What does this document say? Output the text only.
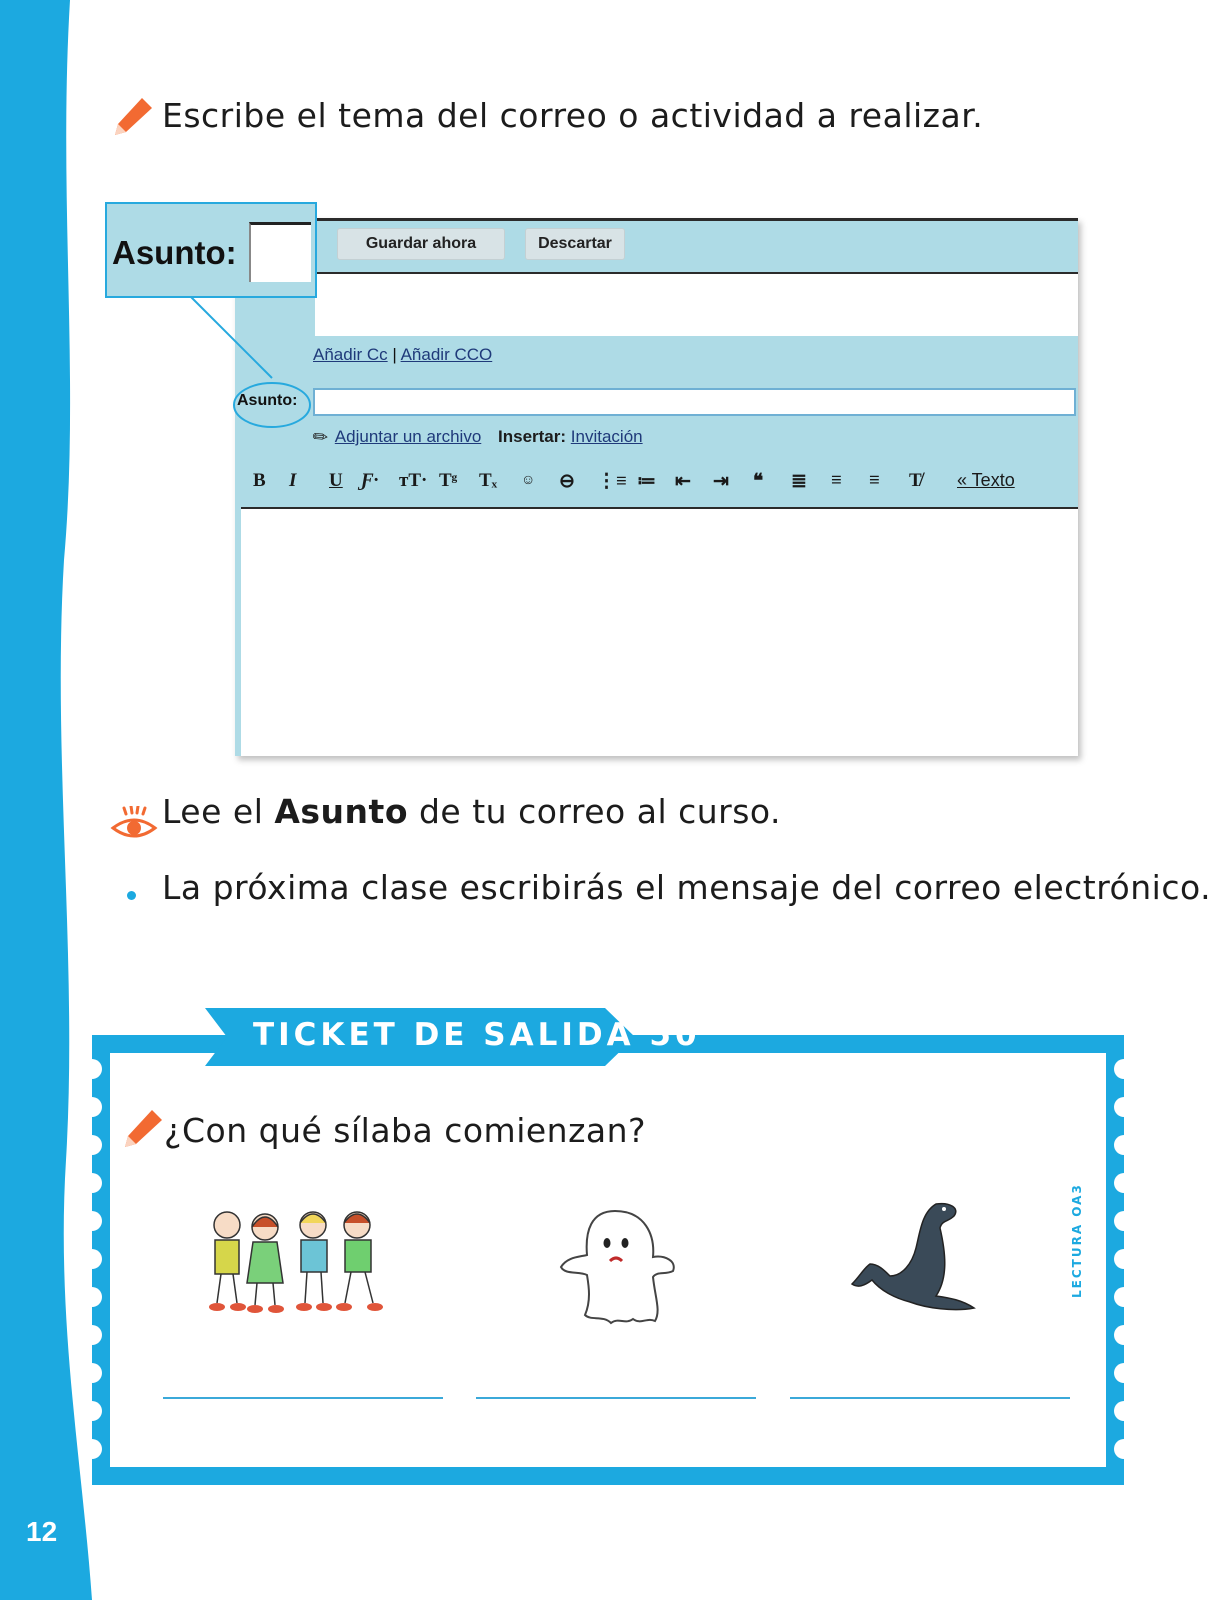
12
Escribe el tema del correo o actividad a realizar.
Guardar ahora	Descartar
Añadir Cc | Añadir CCO
Asunto:
✎ Adjuntar un archivo Insertar: Invitación
B I U Ƒ· ᴛT· Tᵍ Tₓ ☺ ⊖ ⋮≡ ≔ ⇤ ⇥ ❝ ≣ ≡ ≡ T̸ « Texto
Asunto:
Lee el Asunto de tu correo al curso.
La próxima clase escribirás el mensaje del correo electrónico.
TICKET DE SALIDA 50
¿Con qué sílaba comienzan?
LECTURA OA3
